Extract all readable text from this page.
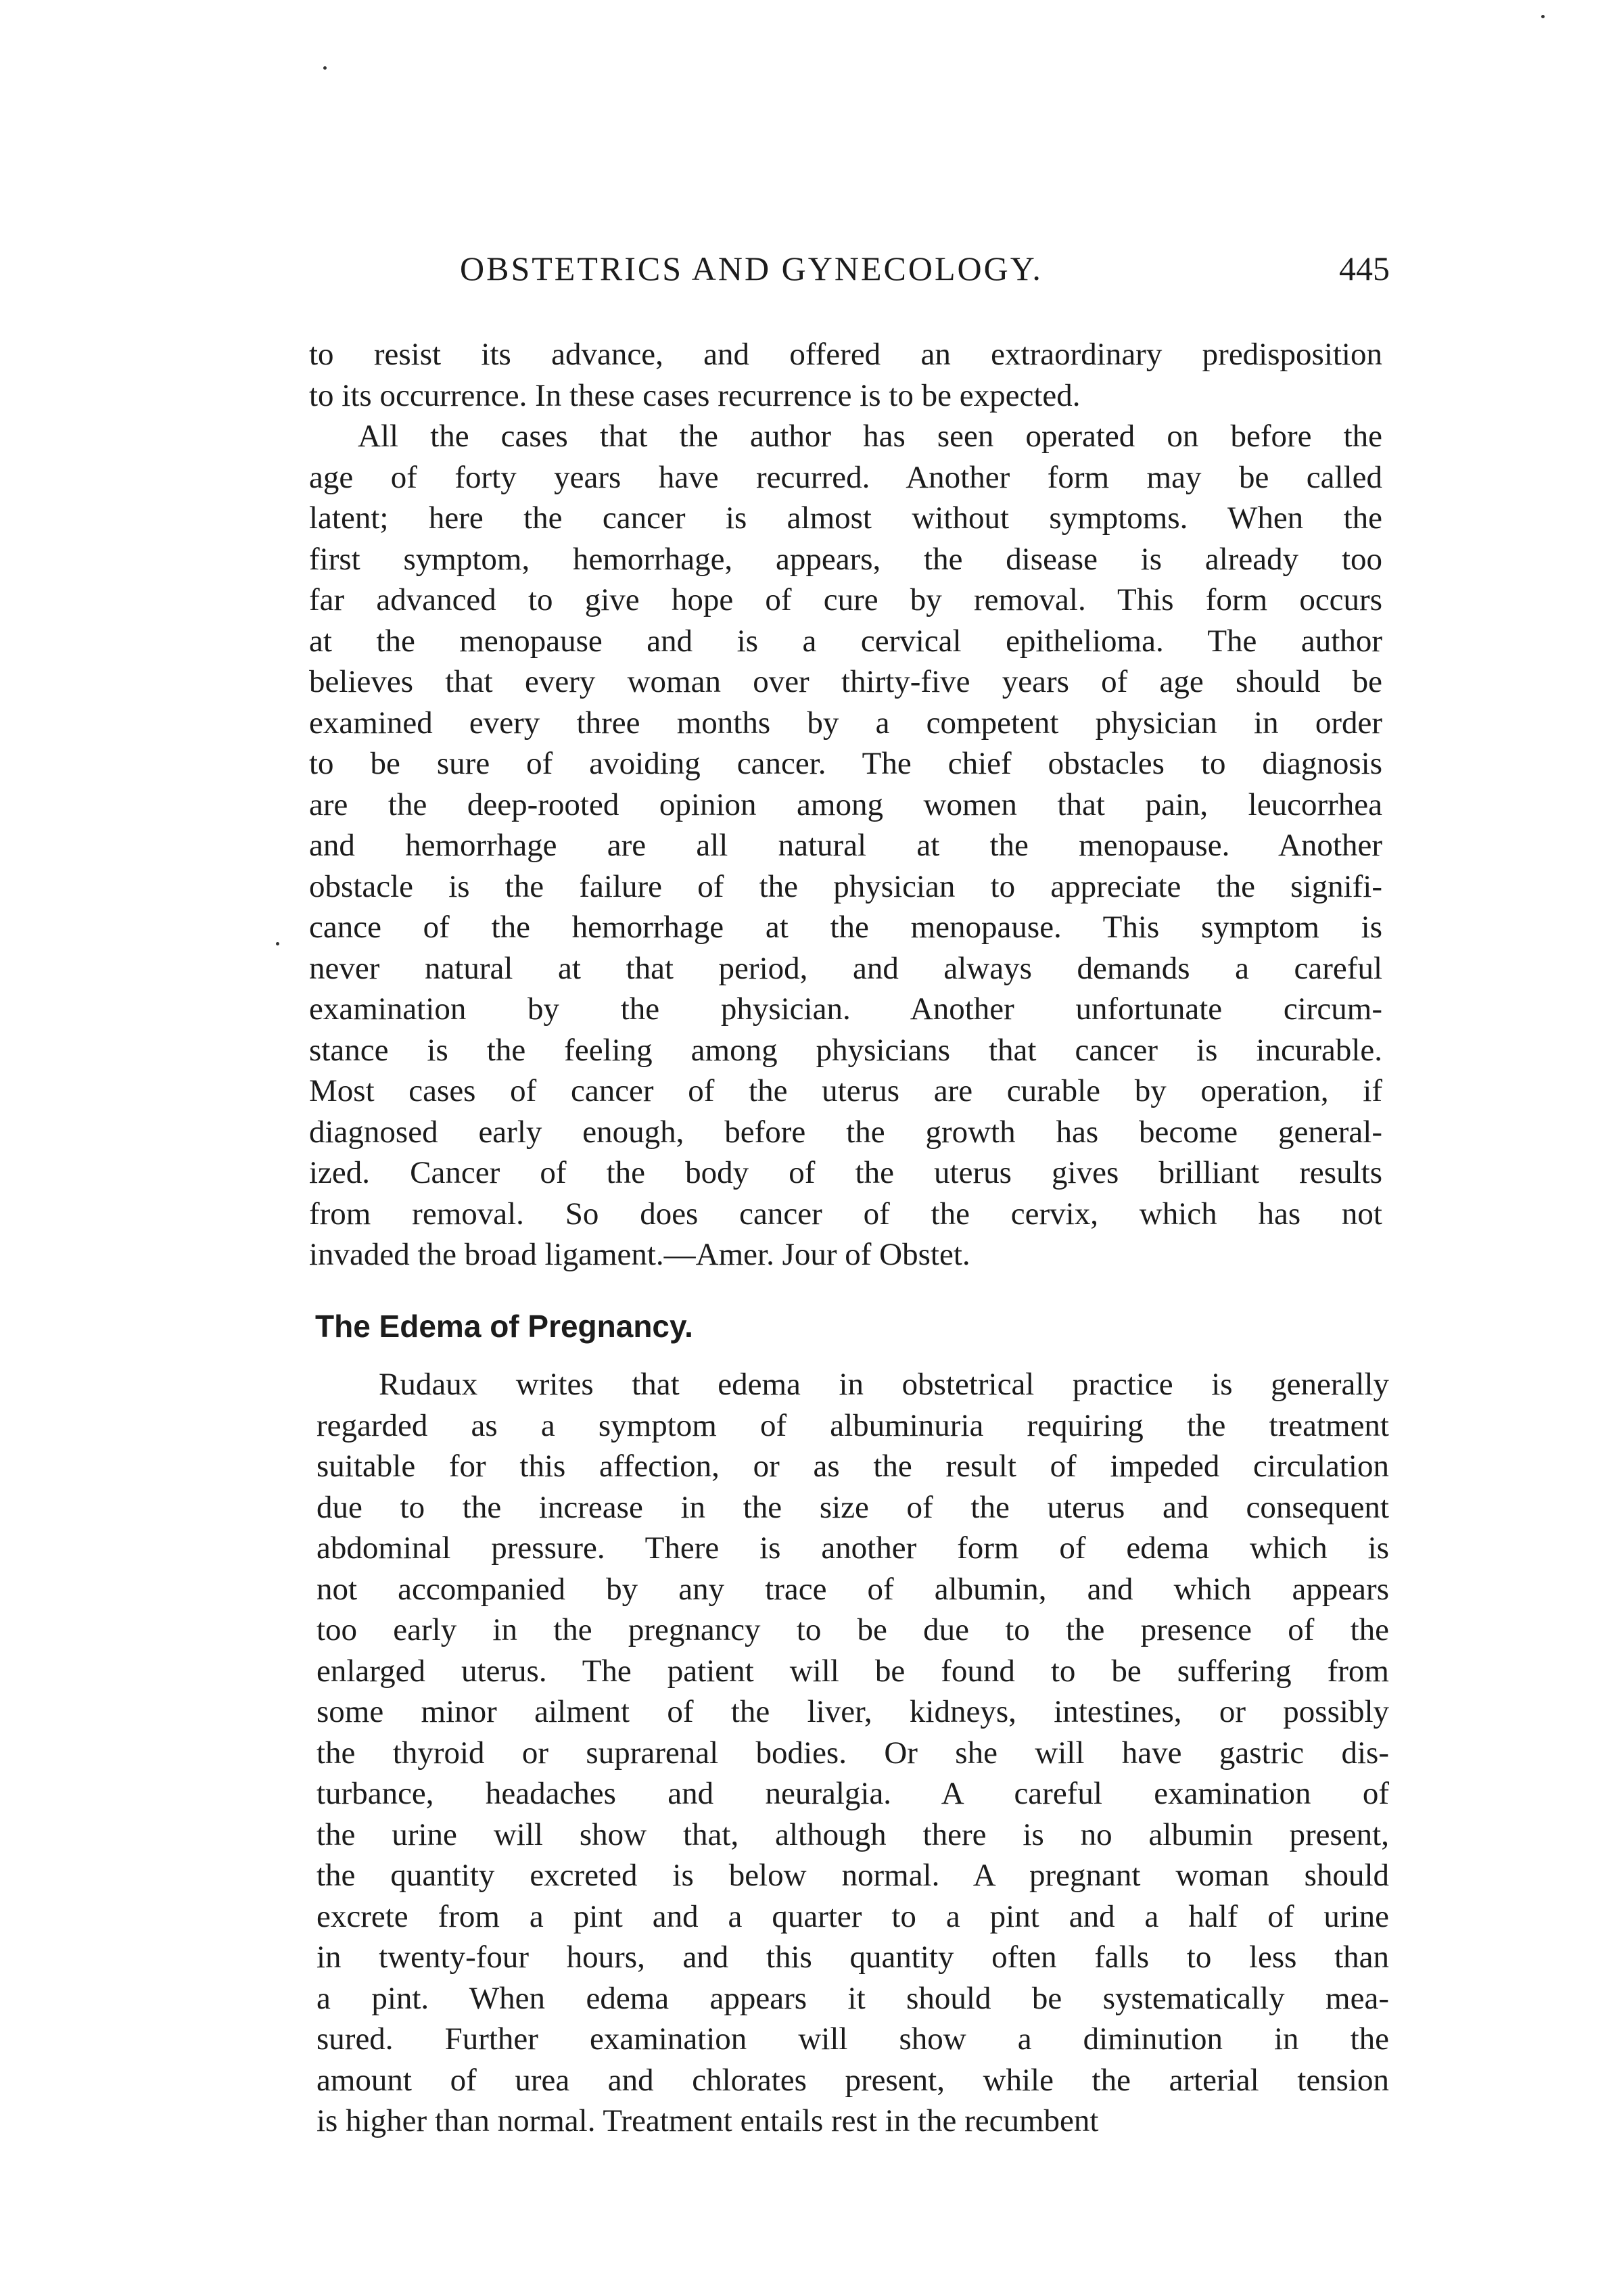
OBSTETRICS AND GYNECOLOGY.	445
to resist its advance, and offered an extraordinary predisposition
to its occurrence. In these cases recurrence is to be expected.
All the cases that the author has seen operated on before the
age of forty years have recurred. Another form may be called
latent; here the cancer is almost without symptoms. When the
first symptom, hemorrhage, appears, the disease is already too
far advanced to give hope of cure by removal. This form occurs
at the menopause and is a cervical epithelioma. The author
believes that every woman over thirty-five years of age should be
examined every three months by a competent physician in order
to be sure of avoiding cancer. The chief obstacles to diagnosis
are the deep-rooted opinion among women that pain, leucorrhea
and hemorrhage are all natural at the menopause. Another
obstacle is the failure of the physician to appreciate the signifi-
cance of the hemorrhage at the menopause. This symptom is
never natural at that period, and always demands a careful
examination by the physician. Another unfortunate circum-
stance is the feeling among physicians that cancer is incurable.
Most cases of cancer of the uterus are curable by operation, if
diagnosed early enough, before the growth has become general-
ized. Cancer of the body of the uterus gives brilliant results
from removal. So does cancer of the cervix, which has not
invaded the broad ligament.—Amer. Jour of Obstet.
The Edema of Pregnancy.
Rudaux writes that edema in obstetrical practice is generally
regarded as a symptom of albuminuria requiring the treatment
suitable for this affection, or as the result of impeded circulation
due to the increase in the size of the uterus and consequent
abdominal pressure. There is another form of edema which is
not accompanied by any trace of albumin, and which appears
too early in the pregnancy to be due to the presence of the
enlarged uterus. The patient will be found to be suffering from
some minor ailment of the liver, kidneys, intestines, or possibly
the thyroid or suprarenal bodies. Or she will have gastric dis-
turbance, headaches and neuralgia. A careful examination of
the urine will show that, although there is no albumin present,
the quantity excreted is below normal. A pregnant woman should
excrete from a pint and a quarter to a pint and a half of urine
in twenty-four hours, and this quantity often falls to less than
a pint. When edema appears it should be systematically mea-
sured. Further examination will show a diminution in the
amount of urea and chlorates present, while the arterial tension
is higher than normal. Treatment entails rest in the recumbent
